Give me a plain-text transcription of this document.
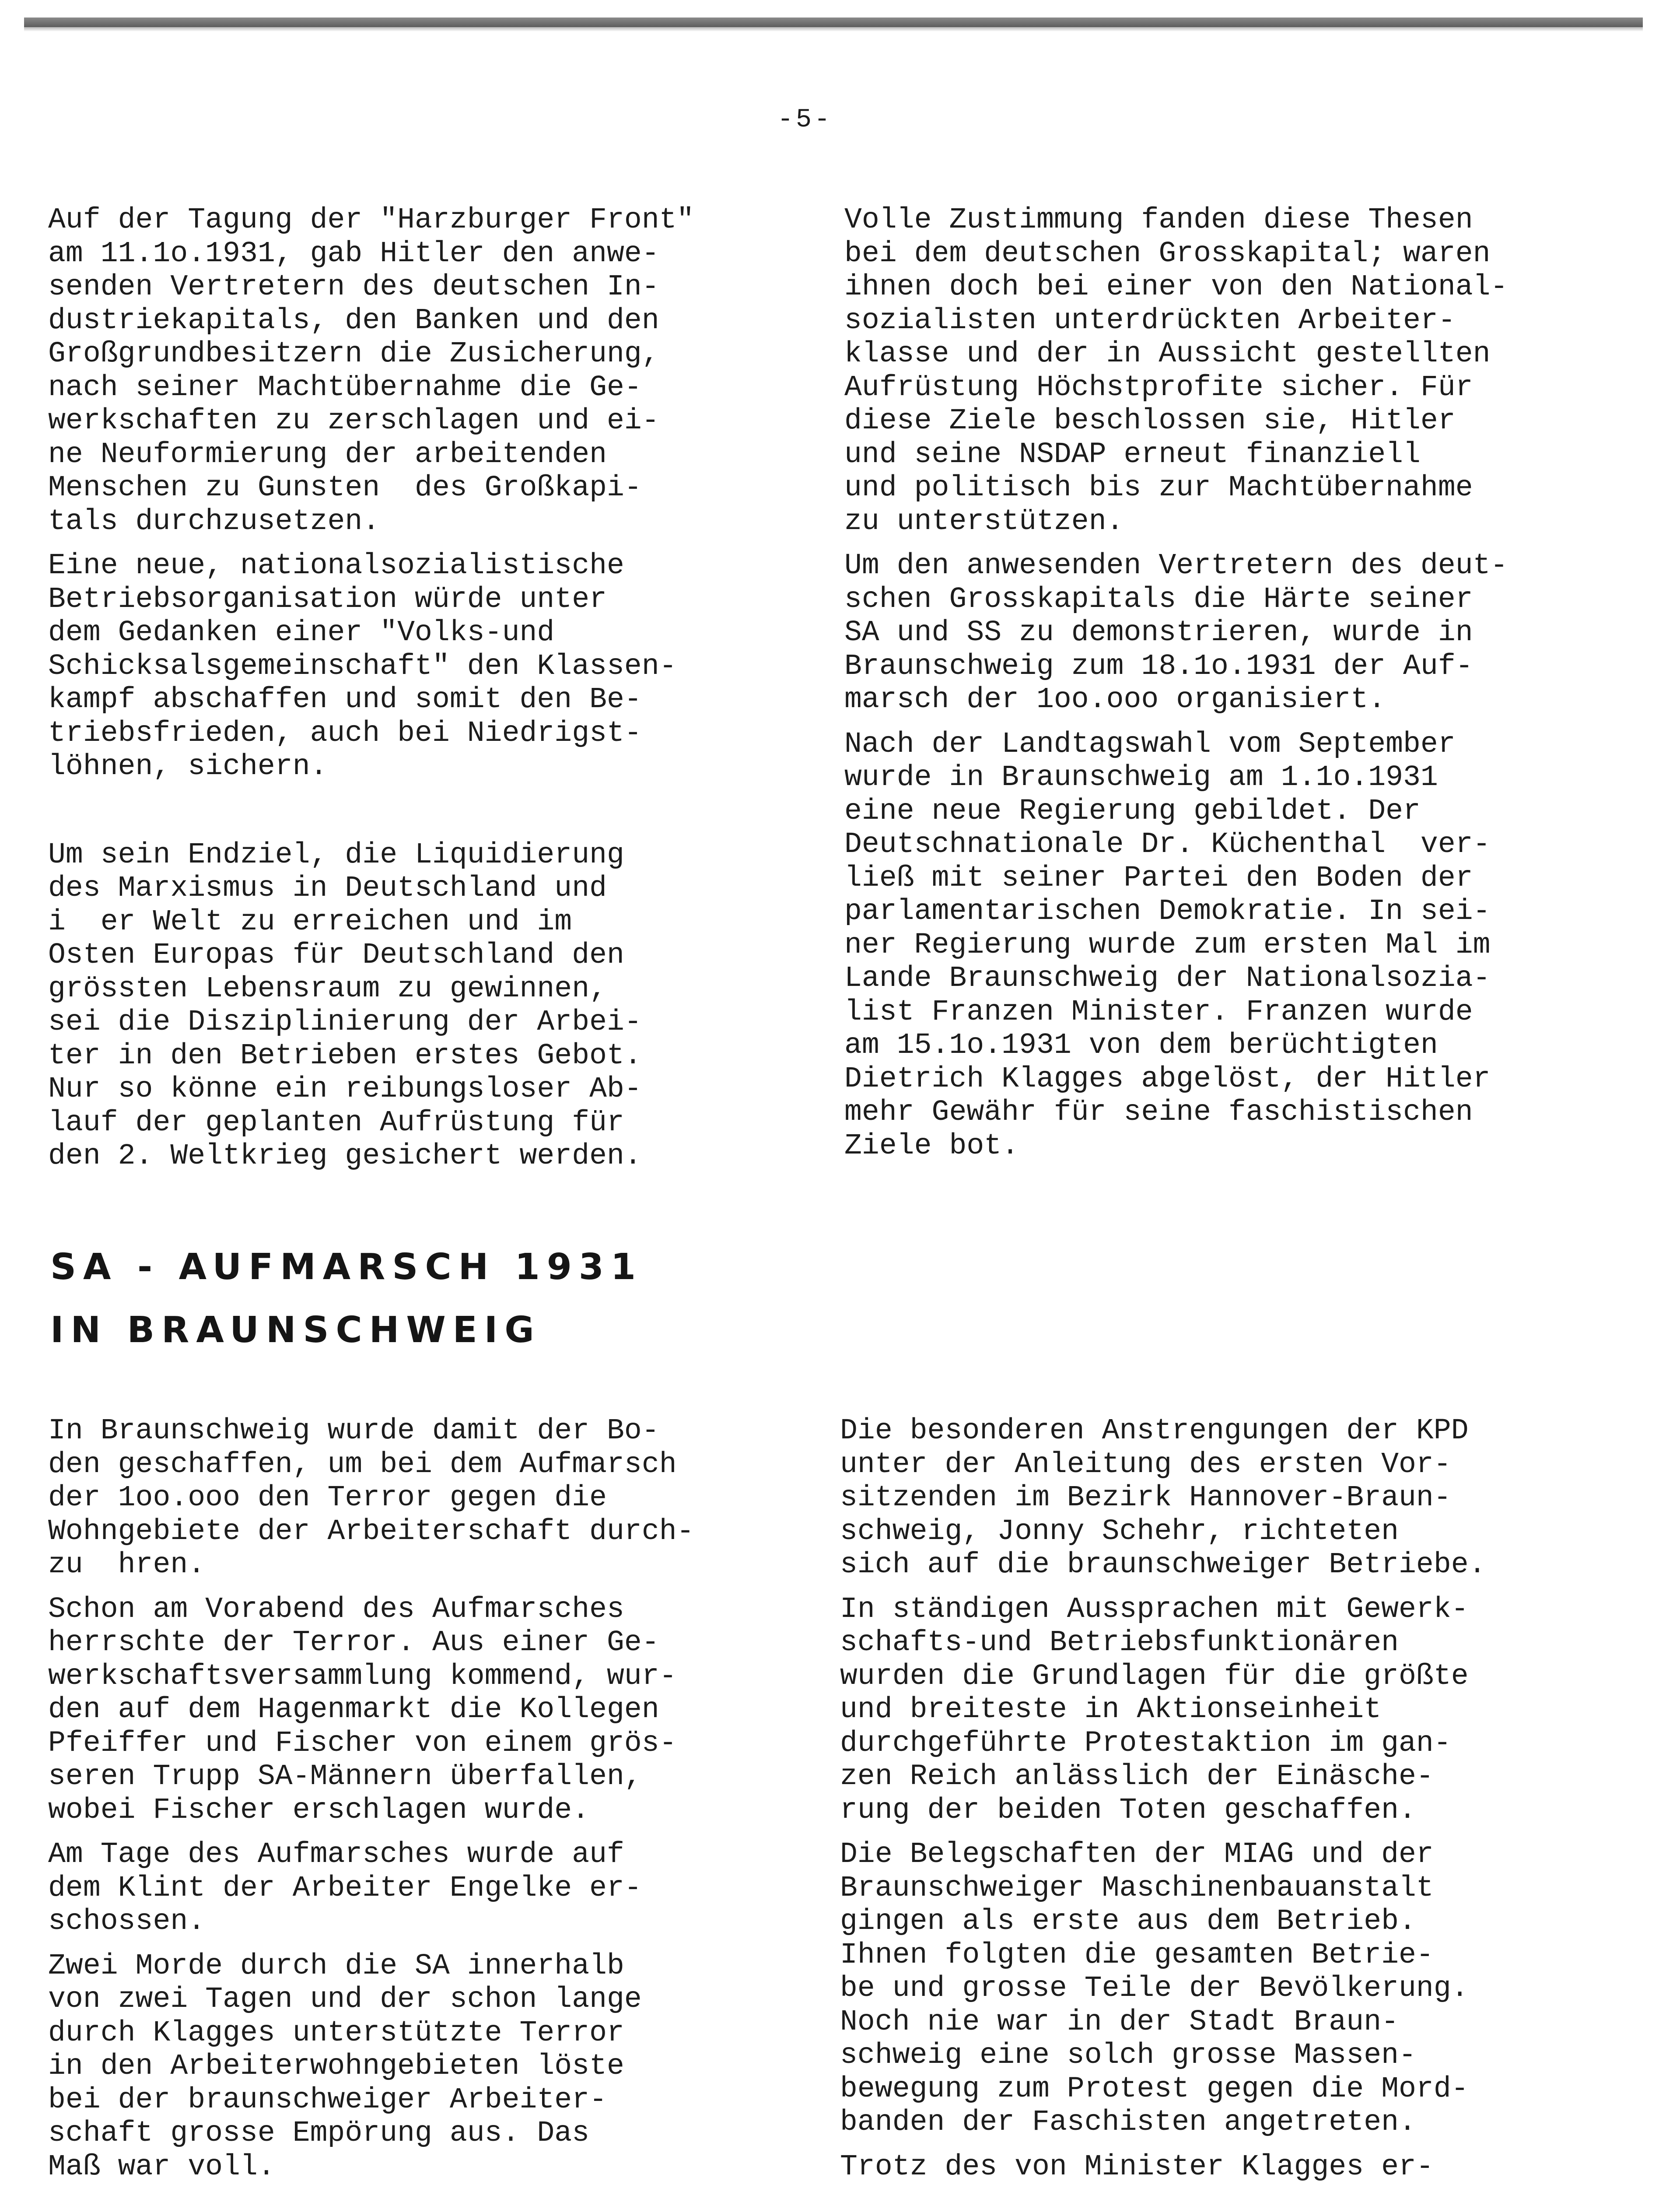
-5-

Auf der Tagung der "Harzburger Front"
am 11.1o.1931, gab Hitler den anwe-
senden Vertretern des deutschen In-
dustriekapitals, den Banken und den
Großgrundbesitzern die Zusicherung,
nach seiner Machtübernahme die Ge-
werkschaften zu zerschlagen und ei-
ne Neuformierung der arbeitenden
Menschen zu Gunsten  des Großkapi-
tals durchzusetzen.

Eine neue, nationalsozialistische
Betriebsorganisation würde unter
dem Gedanken einer "Volks-und
Schicksalsgemeinschaft" den Klassen-
kampf abschaffen und somit den Be-
triebsfrieden, auch bei Niedrigst-
löhnen, sichern.

Um sein Endziel, die Liquidierung
des Marxismus in Deutschland und
i  er Welt zu erreichen und im
Osten Europas für Deutschland den
grössten Lebensraum zu gewinnen,
sei die Disziplinierung der Arbei-
ter in den Betrieben erstes Gebot.
Nur so könne ein reibungsloser Ab-
lauf der geplanten Aufrüstung für
den 2. Weltkrieg gesichert werden.

Volle Zustimmung fanden diese Thesen
bei dem deutschen Grosskapital; waren
ihnen doch bei einer von den National-
sozialisten unterdrückten Arbeiter-
klasse und der in Aussicht gestellten
Aufrüstung Höchstprofite sicher. Für
diese Ziele beschlossen sie, Hitler
und seine NSDAP erneut finanziell
und politisch bis zur Machtübernahme
zu unterstützen.

Um den anwesenden Vertretern des deut-
schen Grosskapitals die Härte seiner
SA und SS zu demonstrieren, wurde in
Braunschweig zum 18.1o.1931 der Auf-
marsch der 1oo.ooo organisiert.

Nach der Landtagswahl vom September
wurde in Braunschweig am 1.1o.1931
eine neue Regierung gebildet. Der
Deutschnationale Dr. Küchenthal  ver-
ließ mit seiner Partei den Boden der
parlamentarischen Demokratie. In sei-
ner Regierung wurde zum ersten Mal im
Lande Braunschweig der Nationalsozia-
list Franzen Minister. Franzen wurde
am 15.1o.1931 von dem berüchtigten
Dietrich Klagges abgelöst, der Hitler
mehr Gewähr für seine faschistischen
Ziele bot.

SA - AUFMARSCH 1931
IN BRAUNSCHWEIG

In Braunschweig wurde damit der Bo-
den geschaffen, um bei dem Aufmarsch
der 1oo.ooo den Terror gegen die
Wohngebiete der Arbeiterschaft durch-
zu  hren.

Schon am Vorabend des Aufmarsches
herrschte der Terror. Aus einer Ge-
werkschaftsversammlung kommend, wur-
den auf dem Hagenmarkt die Kollegen
Pfeiffer und Fischer von einem grös-
seren Trupp SA-Männern überfallen,
wobei Fischer erschlagen wurde.

Am Tage des Aufmarsches wurde auf
dem Klint der Arbeiter Engelke er-
schossen.

Zwei Morde durch die SA innerhalb
von zwei Tagen und der schon lange
durch Klagges unterstützte Terror
in den Arbeiterwohngebieten löste
bei der braunschweiger Arbeiter-
schaft grosse Empörung aus. Das
Maß war voll.

Die besonderen Anstrengungen der KPD
unter der Anleitung des ersten Vor-
sitzenden im Bezirk Hannover-Braun-
schweig, Jonny Schehr, richteten
sich auf die braunschweiger Betriebe.

In ständigen Aussprachen mit Gewerk-
schafts-und Betriebsfunktionären
wurden die Grundlagen für die größte
und breiteste in Aktionseinheit
durchgeführte Protestaktion im gan-
zen Reich anlässlich der Einäsche-
rung der beiden Toten geschaffen.

Die Belegschaften der MIAG und der
Braunschweiger Maschinenbauanstalt
gingen als erste aus dem Betrieb.
Ihnen folgten die gesamten Betrie-
be und grosse Teile der Bevölkerung.
Noch nie war in der Stadt Braun-
schweig eine solch grosse Massen-
bewegung zum Protest gegen die Mord-
banden der Faschisten angetreten.

Trotz des von Minister Klagges er-
